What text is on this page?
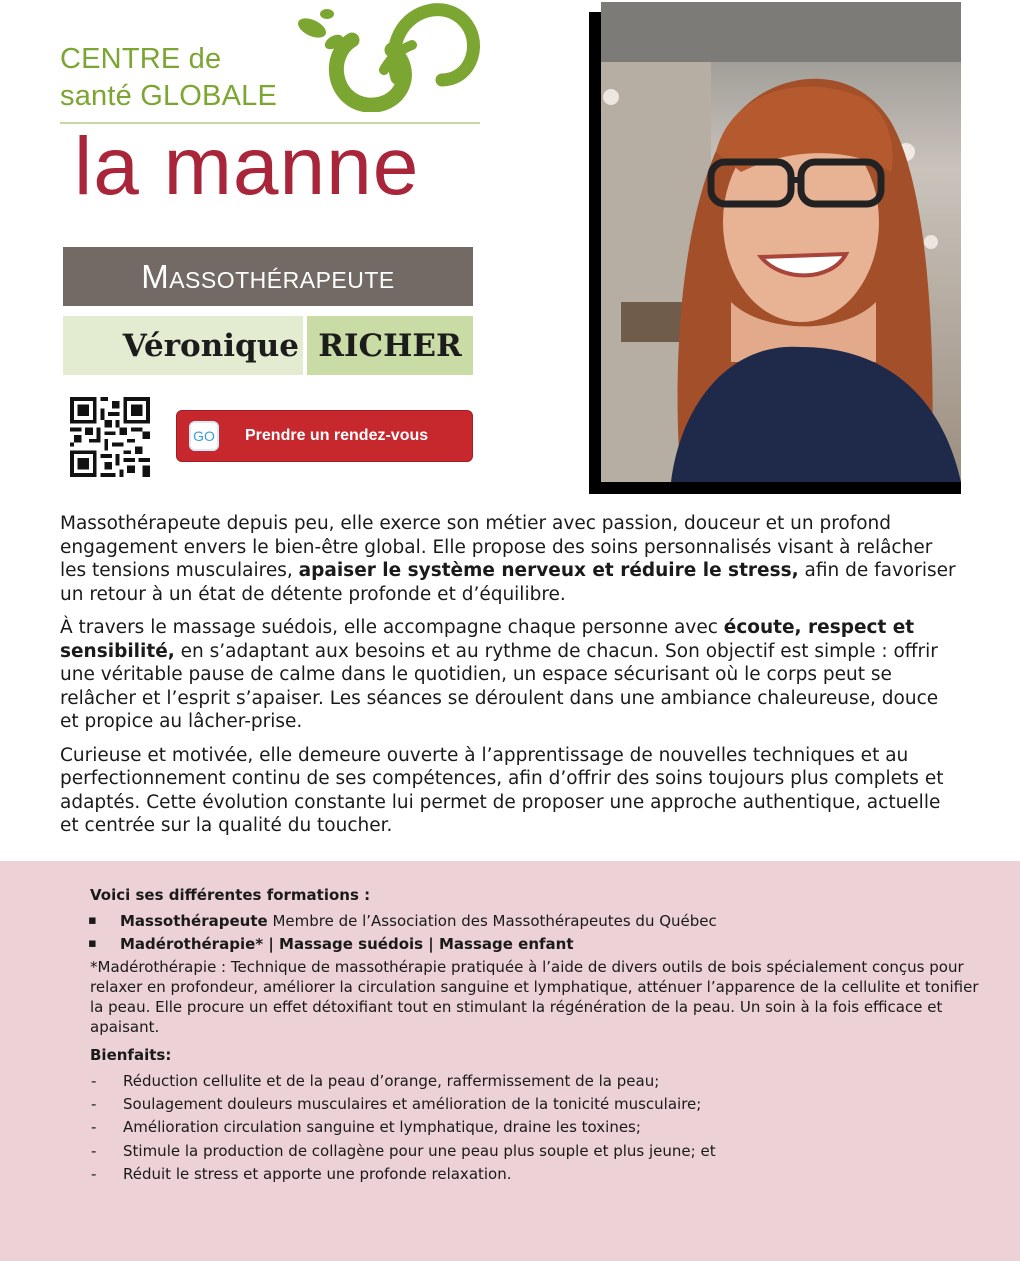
CENTRE de
santé GLOBALE
la manne
Massothérapeute
Véronique RICHER
GO Prendre un rendez-vous

Massothérapeute depuis peu, elle exerce son métier avec passion, douceur et un profond engagement envers le bien-être global. Elle propose des soins personnalisés visant à relâcher les tensions musculaires, apaiser le système nerveux et réduire le stress, afin de favoriser un retour à un état de détente profonde et d’équilibre.

À travers le massage suédois, elle accompagne chaque personne avec écoute, respect et sensibilité, en s’adaptant aux besoins et au rythme de chacun. Son objectif est simple : offrir une véritable pause de calme dans le quotidien, un espace sécurisant où le corps peut se relâcher et l’esprit s’apaiser. Les séances se déroulent dans une ambiance chaleureuse, douce et propice au lâcher-prise.

Curieuse et motivée, elle demeure ouverte à l’apprentissage de nouvelles techniques et au perfectionnement continu de ses compétences, afin d’offrir des soins toujours plus complets et adaptés. Cette évolution constante lui permet de proposer une approche authentique, actuelle et centrée sur la qualité du toucher.

Voici ses différentes formations :
▪ Massothérapeute Membre de l’Association des Massothérapeutes du Québec
▪ Madérothérapie* | Massage suédois | Massage enfant
*Madérothérapie : Technique de massothérapie pratiquée à l’aide de divers outils de bois spécialement conçus pour relaxer en profondeur, améliorer la circulation sanguine et lymphatique, atténuer l’apparence de la cellulite et tonifier la peau. Elle procure un effet détoxifiant tout en stimulant la régénération de la peau. Un soin à la fois efficace et apaisant.
Bienfaits:
- Réduction cellulite et de la peau d’orange, raffermissement de la peau;
- Soulagement douleurs musculaires et amélioration de la tonicité musculaire;
- Amélioration circulation sanguine et lymphatique, draine les toxines;
- Stimule la production de collagène pour une peau plus souple et plus jeune; et
- Réduit le stress et apporte une profonde relaxation.
